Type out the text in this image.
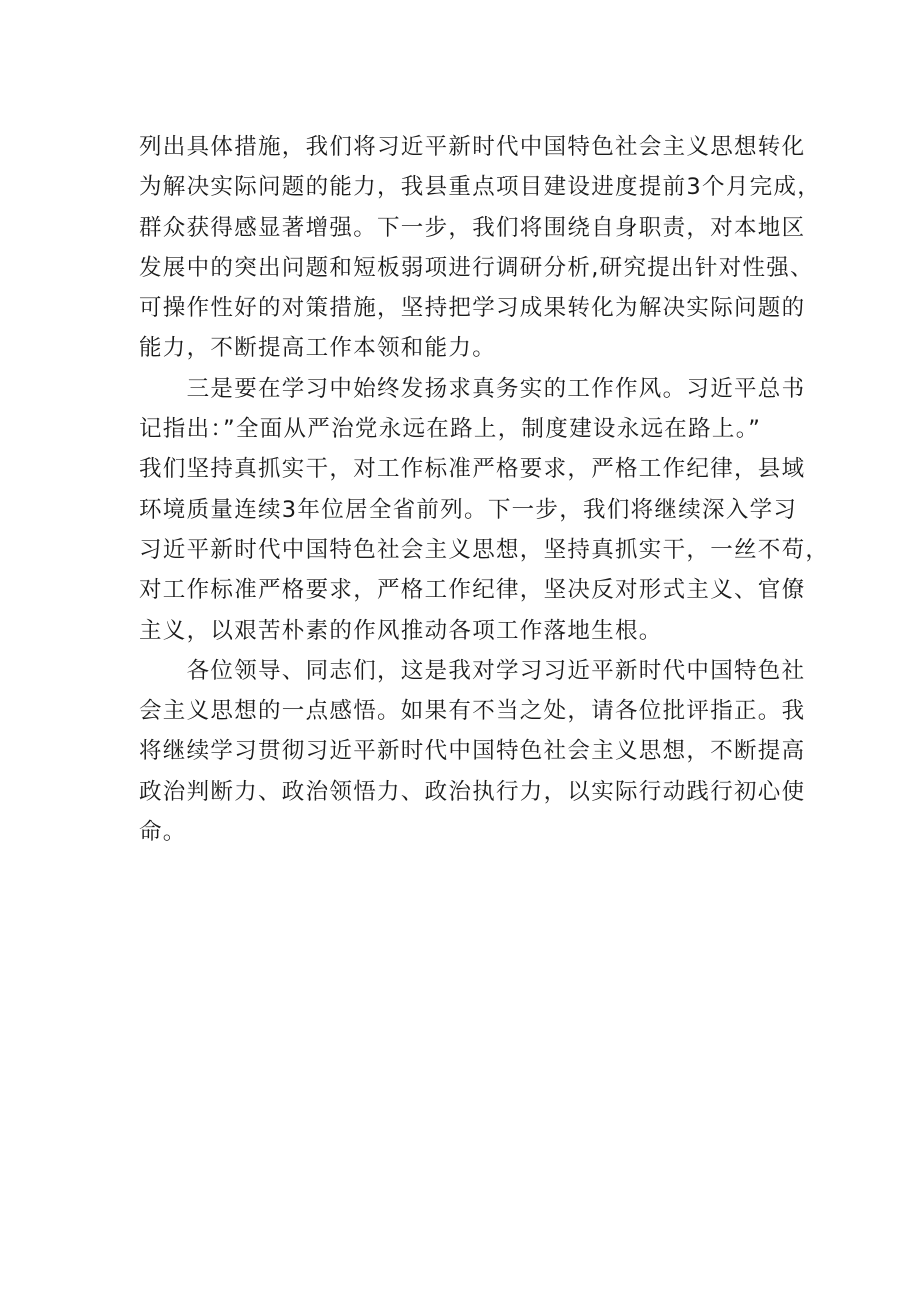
列出具体措施，我们将习近平新时代中国特色社会主义思想转化
为解决实际问题的能力，我县重点项目建设进度提前3个月完成，
群众获得感显著增强。下一步，我们将围绕自身职责，对本地区
发展中的突出问题和短板弱项进行调研分析,研究提出针对性强、
可操作性好的对策措施，坚持把学习成果转化为解决实际问题的
能力，不断提高工作本领和能力。
　　三是要在学习中始终发扬求真务实的工作作风。习近平总书
记指出：”全面从严治党永远在路上，制度建设永远在路上。”
我们坚持真抓实干，对工作标准严格要求，严格工作纪律，县域
环境质量连续3年位居全省前列。下一步，我们将继续深入学习
习近平新时代中国特色社会主义思想，坚持真抓实干，一丝不苟，
对工作标准严格要求，严格工作纪律，坚决反对形式主义、官僚
主义，以艰苦朴素的作风推动各项工作落地生根。
　　各位领导、同志们，这是我对学习习近平新时代中国特色社
会主义思想的一点感悟。如果有不当之处，请各位批评指正。我
将继续学习贯彻习近平新时代中国特色社会主义思想，不断提高
政治判断力、政治领悟力、政治执行力，以实际行动践行初心使
命。
